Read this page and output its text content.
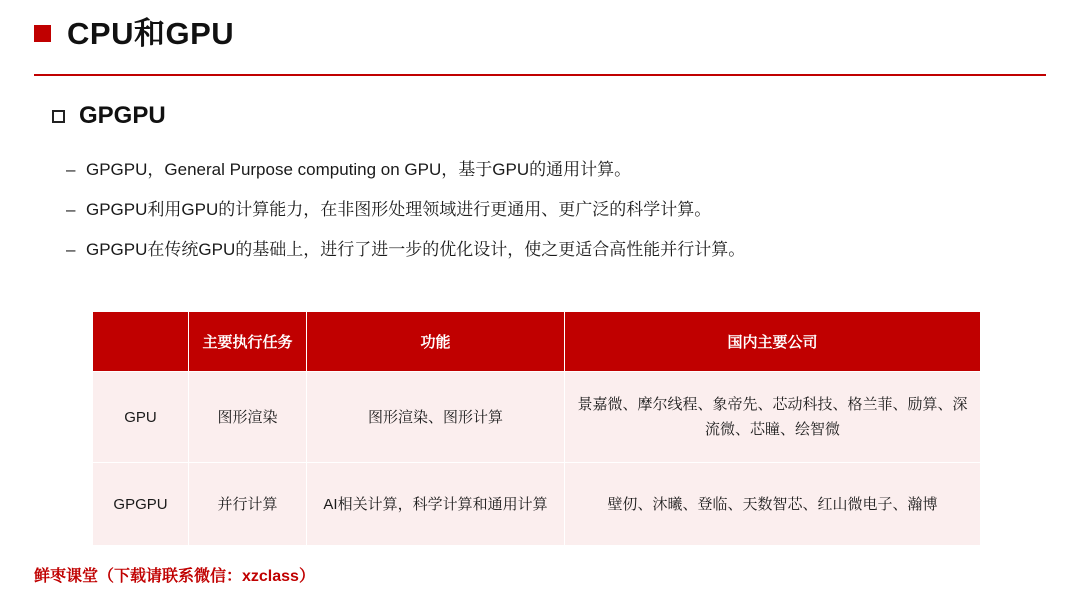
CPU和GPU
GPGPU
– GPGPU，General Purpose computing on GPU，基于GPU的通用计算。
– GPGPU利用GPU的计算能力，在非图形处理领域进行更通用、更广泛的科学计算。
– GPGPU在传统GPU的基础上，进行了进一步的优化设计，使之更适合高性能并行计算。
	主要执行任务	功能	国内主要公司
GPU	图形渲染	图形渲染、图形计算	景嘉微、摩尔线程、象帝先、芯动科技、格兰菲、励算、深流微、芯瞳、绘智微
GPGPU	并行计算	AI相关计算，科学计算和通用计算	壁仞、沐曦、登临、天数智芯、红山微电子、瀚博
鲜枣课堂（下载请联系微信：xzclass）
